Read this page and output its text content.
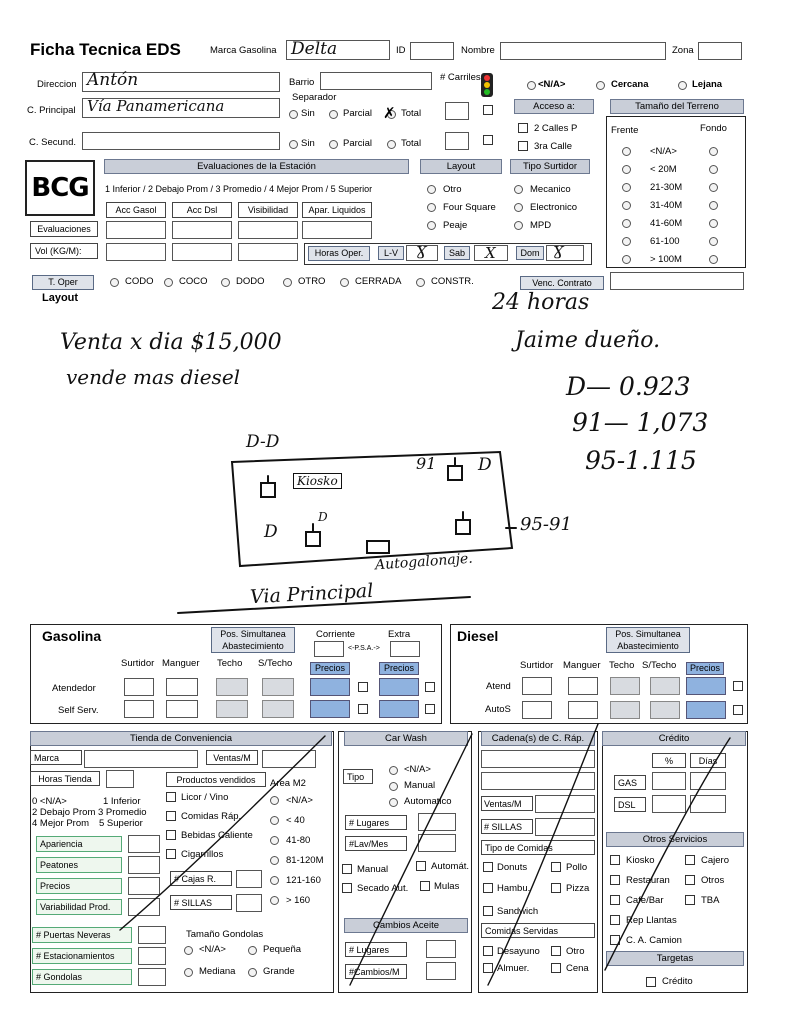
Ficha Tecnica EDS	Marca Gasolina Delta	ID	Nombre	Zona
Direccion Antón	Barrio	# Carriles
<N/A>	Cercana	Lejana
C. Principal Vía Panamericana	Separador
Sin	Parcial ✗ Total
C. Secund.	Sin	Parcial	Total
Acceso a:
2 Calles P
3ra Calle
Tamaño del Terreno
Frente	Fondo
<N/A>
< 20M
21-30M
31-40M
41-60M
61-100
> 100M
BCG
Evaluaciones de la Estación
1 Inferior / 2 Debajo Prom / 3 Promedio / 4 Mejor Prom / 5 Superior
Acc Gasol	Acc Dsl	Visibilidad	Apar. Liquidos
Evaluaciones
Vol (KG/M):
Layout	Tipo Surtidor
Otro	Mecanico
Four Square	Electronico
Peaje	MPD
Horas Oper.	L-V	Ɣ	Sab	X	Dom Ɣ
T. Oper	CODO	COCO	DODO	OTRO	CERRADA	CONSTR.	Venc. Contrato
Layout
Venta x dia $15,000
vende mas diesel
24 horas
Jaime dueño.
D— 0.923
91— 1,073
95-1.115
D-D
Kiosko
91 D
D
D	95-91
Autogalonaje.
Via Principal
Gasolina	Pos. Simultanea Abastecimiento
Corriente	Extra
<-P.S.A.->
Surtidor Manguer Techo S/Techo	Precios	Precios
Atendedor
Self Serv.
Diesel	Pos. Simultanea Abastecimiento
Surtidor Manguer Techo S/Techo	Precios
Atend
AutoS
Tienda de Conveniencia
Marca	Ventas/M
Horas Tienda	Productos vendidos	Area M2
0 <N/A>	1 Inferior
2 Debajo Prom 3 Promedio
4 Mejor Prom 5 Superior
Licor / Vino
Comidas Ráp.
Bebidas Caliente
Cigarrillos
<N/A>
< 40
41-80
81-120M
121-160
> 160
Apariencia
Peatones
Precios
Variabilidad Prod.
# Puertas Neveras
# Estacionamientos
# Gondolas
# Cajas R.
# SILLAS
Tamaño Gondolas
<N/A>	Pequeña
Mediana	Grande
Car Wash
Tipo
<N/A>
Manual
Automatico
# Lugares
#Lav/Mes
Manual	Automát.
Secado Aut.	Mulas
Cambios Aceite
# Lugares
#Cambios/M
Cadena(s) de C. Ráp.
Ventas/M
# SILLAS
Tipo de Comidas
Donuts	Pollo
Hambu.	Pizza
Sandwich
Comidas Servidas
Desayuno	Otro
Almuer.	Cena
Crédito
%	Días
GAS
DSL
Otros Servicios
Kiosko	Cajero
Restauran	Otros
Cafe/Bar	TBA
Rep Llantas
C. A. Camion
Targetas
Crédito
